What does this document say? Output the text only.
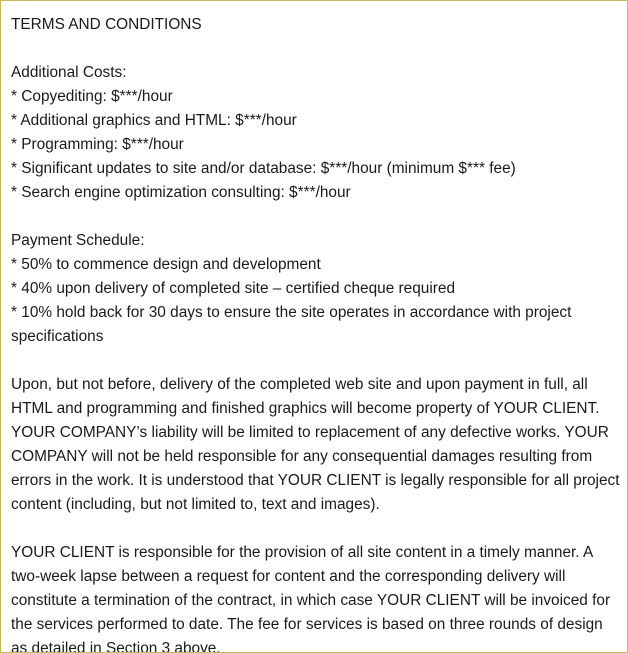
TERMS AND CONDITIONS
Additional Costs:
* Copyediting: $***/hour
* Additional graphics and HTML: $***/hour
* Programming: $***/hour
* Significant updates to site and/or database: $***/hour (minimum $*** fee)
* Search engine optimization consulting: $***/hour
Payment Schedule:
* 50% to commence design and development
* 40% upon delivery of completed site – certified cheque required
* 10% hold back for 30 days to ensure the site operates in accordance with project
specifications
Upon, but not before, delivery of the completed web site and upon payment in full, all
HTML and programming and finished graphics will become property of YOUR CLIENT.
YOUR COMPANY’s liability will be limited to replacement of any defective works. YOUR
COMPANY will not be held responsible for any consequential damages resulting from
errors in the work. It is understood that YOUR CLIENT is legally responsible for all project
content (including, but not limited to, text and images).
YOUR CLIENT is responsible for the provision of all site content in a timely manner. A
two-week lapse between a request for content and the corresponding delivery will
constitute a termination of the contract, in which case YOUR CLIENT will be invoiced for
the services performed to date. The fee for services is based on three rounds of design
as detailed in Section 3 above.
